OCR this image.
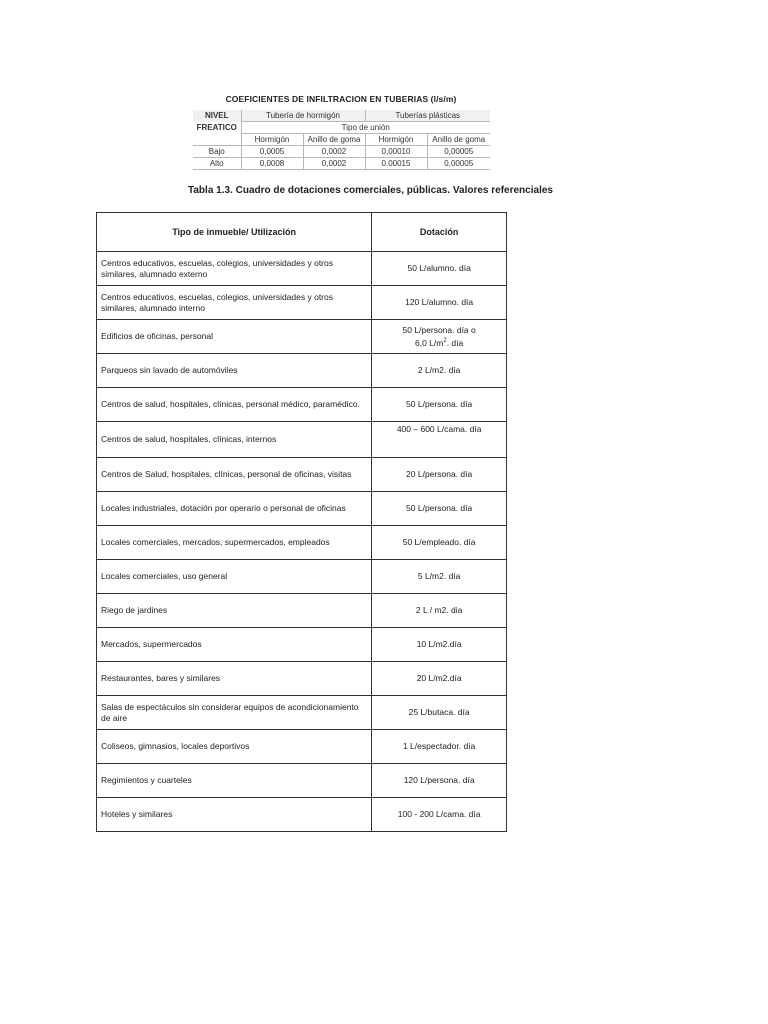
COEFICIENTES DE INFILTRACION EN TUBERIAS (l/s/m)
NIVEL	Tubería de hormigón		Tuberías plásticas	
FREATICO	Tipo de unión			
	Hormigón	Anillo de goma	Hormigón	Anillo de goma
Bajo	0,0005	0,0002	0,00010	0,00005
Alto	0,0008	0,0002	0.00015	0,00005
Tabla 1.3. Cuadro de dotaciones comerciales, públicas. Valores referenciales
Tipo de inmueble/ Utilización	Dotación
Centros educativos, escuelas, colegios, universidades y otros similares, alumnado externo	50 L/alumno. día
Centros educativos, escuelas, colegios, universidades y otros similares, alumnado interno	120 L/alumno. día
Edificios de oficinas, personal	50 L/persona. día o
6,0 $L/m^2$. día
Parqueos sin lavado de automóviles	2 L/m2. día
Centros de salud, hospitales, clínicas, personal médico, paramédico.	50 L/persona. día
Centros de salud, hospitales, clínicas, internos	400 – 600 L/cama. día
Centros de Salud, hospitales, clínicas, personal de oficinas, visitas	20 L/persona. día
Locales industriales, dotación por operario o personal de oficinas	50 L/persona. día
Locales comerciales, mercados, supermercados, empleados	50 L/empleado. día
Locales comerciales, uso general	5 L/m2. día
Riego de jardines	2 L / m2. dia
Mercados, supermercados	10 L/m2.día
Restaurantes, bares y similares	20 L/m2.día
Salas de espectáculos sin considerar equipos de acondicionamiento de aire	25 L/butaca. día
Coliseos, gimnasios, locales deportivos	1 L/espectador. día
Regimientos y cuarteles	120 L/persona. día
Hoteles y similares	100 - 200 L/cama. día
